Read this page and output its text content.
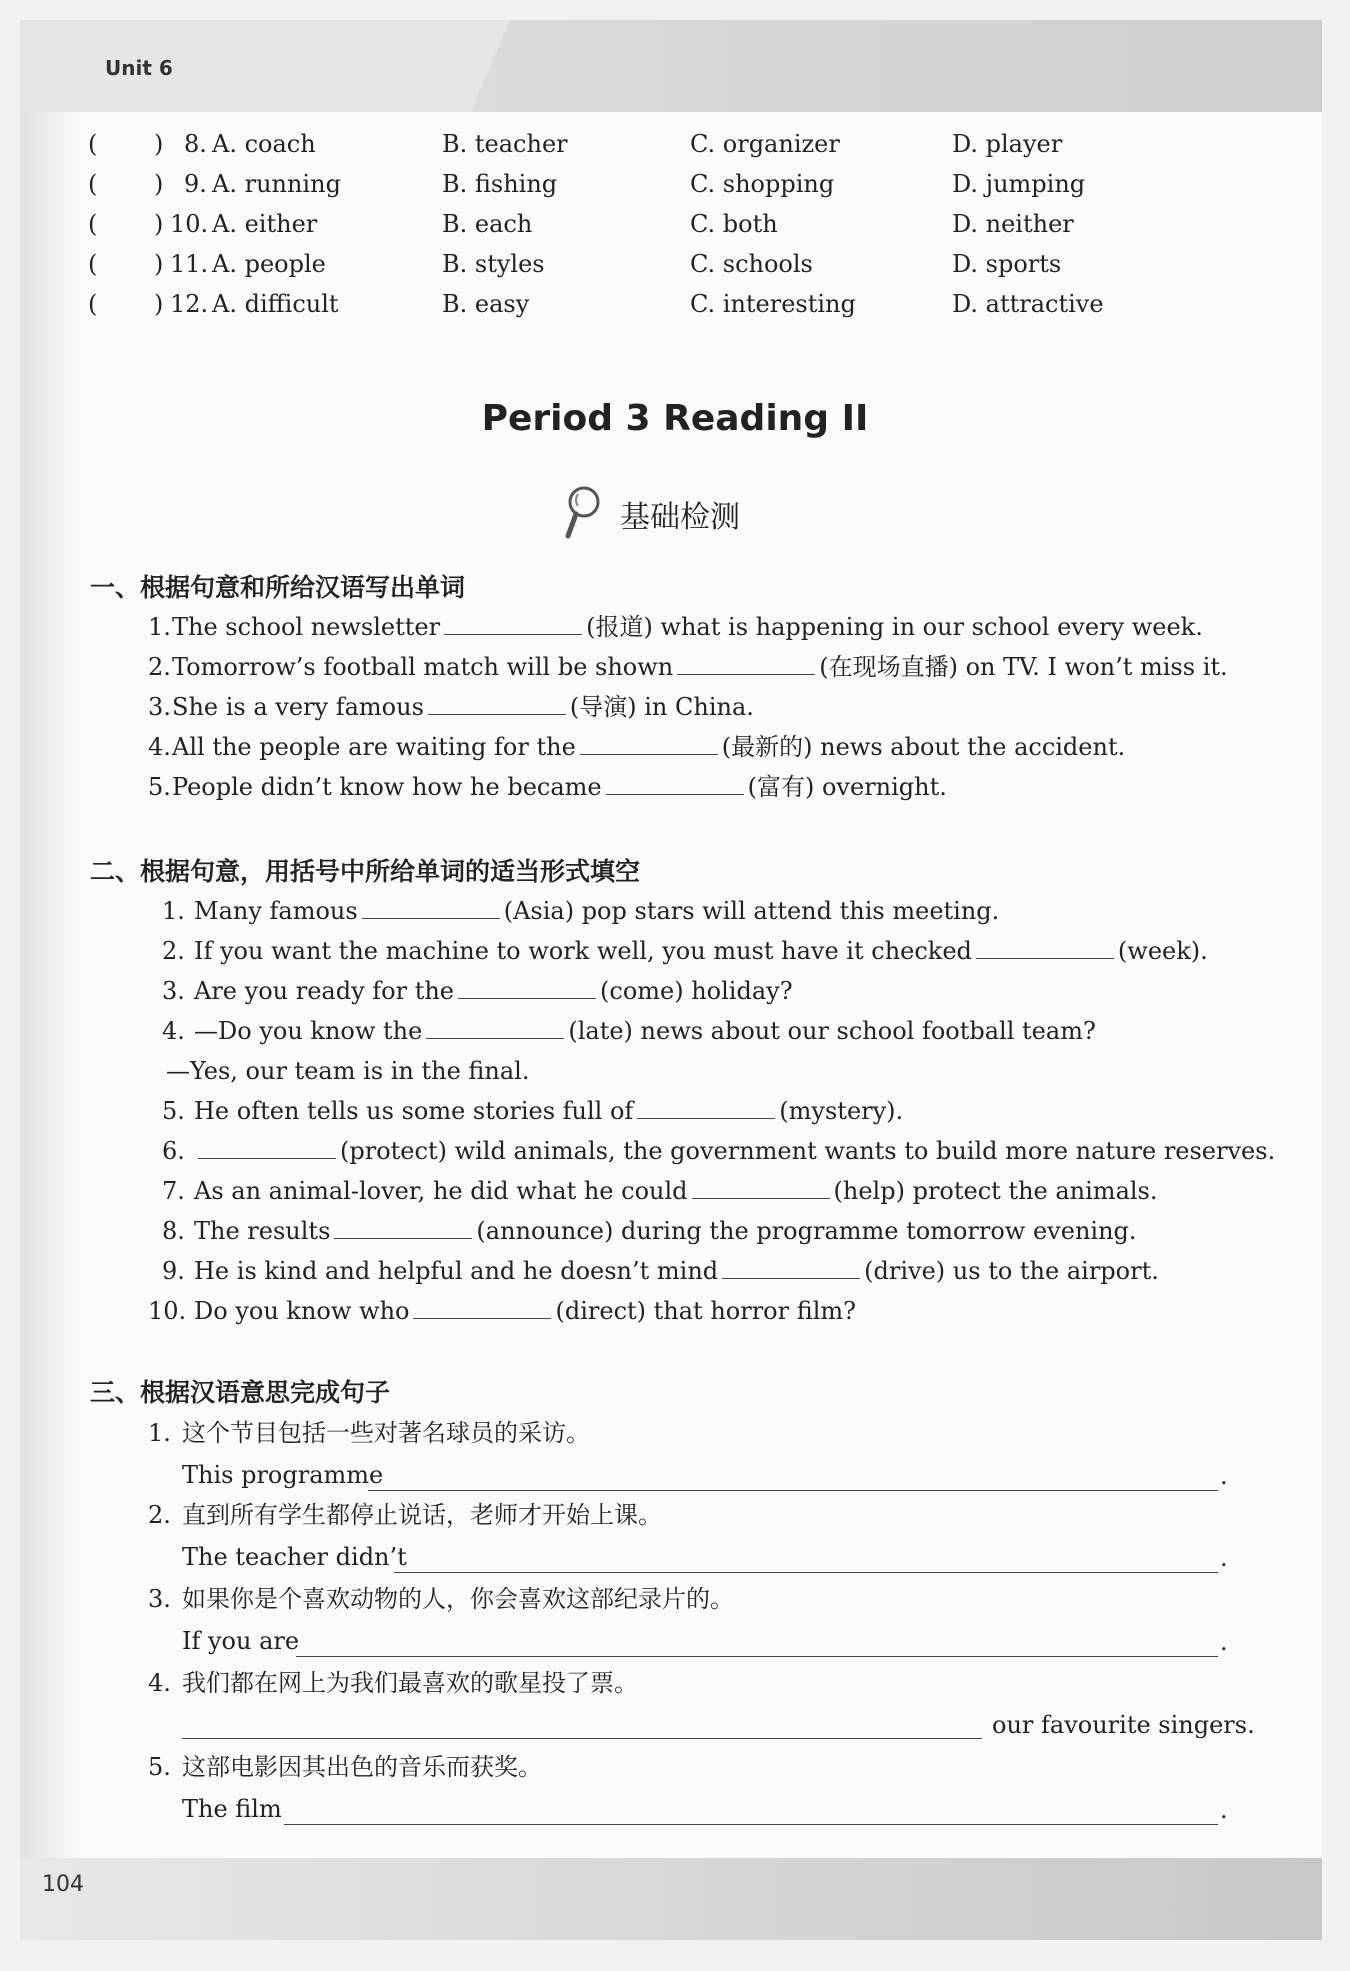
Unit 6
( ) 8. A. coach	B. teacher	C. organizer	D. player
( ) 9. A. running	B. fishing	C. shopping	D. jumping
( ) 10. A. either	B. each	C. both	D. neither
( ) 11. A. people	B. styles	C. schools	D. sports
( ) 12. A. difficult	B. easy	C. interesting	D. attractive
Period 3 Reading II
基础检测
一、根据句意和所给汉语写出单词
1.The school newsletter	(报道) what is happening in our school every week.
2.Tomorrow’s football match will be shown	(在现场直播) on TV. I won’t miss it.
3.She is a very famous	(导演) in China.
4.All the people are waiting for the	(最新的) news about the accident.
5.People didn’t know how he became	(富有) overnight.
二、根据句意，用括号中所给单词的适当形式填空
1. Many famous	(Asia) pop stars will attend this meeting.
2. If you want the machine to work well, you must have it checked	(week).
3. Are you ready for the	(come) holiday?
4. —Do you know the	(late) news about our school football team?
—Yes, our team is in the final.
5. He often tells us some stories full of	(mystery).
6.	(protect) wild animals, the government wants to build more nature reserves.
7. As an animal-lover, he did what he could	(help) protect the animals.
8. The results	(announce) during the programme tomorrow evening.
9. He is kind and helpful and he doesn’t mind	(drive) us to the airport.
10. Do you know who	(direct) that horror film?
三、根据汉语意思完成句子
1. 这个节目包括一些对著名球员的采访。
This programme	.
2. 直到所有学生都停止说话，老师才开始上课。
The teacher didn’t	.
3. 如果你是个喜欢动物的人，你会喜欢这部纪录片的。
If you are	.
4. 我们都在网上为我们最喜欢的歌星投了票。
our favourite singers.
5. 这部电影因其出色的音乐而获奖。
The film	.
104
